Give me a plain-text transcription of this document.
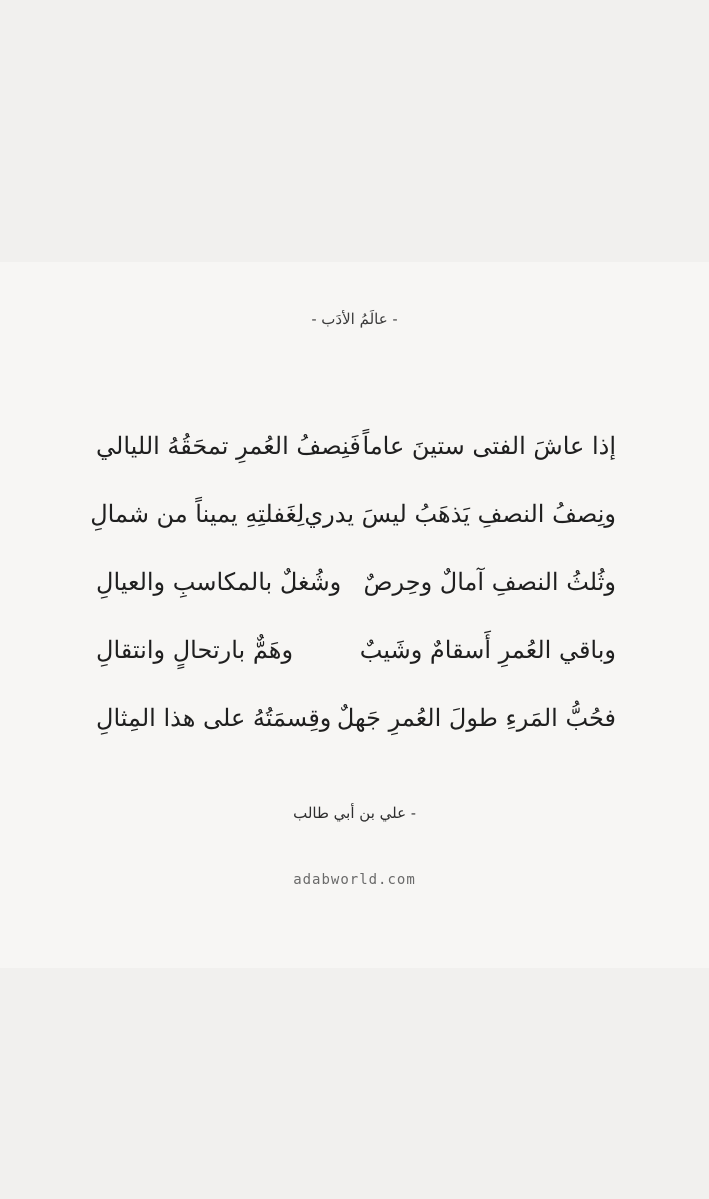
- عالَمُ الأدَب -
إذا عاشَ الفتى ستينَ عاماً
فَنِصفُ العُمرِ تمحَقُهُ الليالي
ونِصفُ النصفِ يَذهَبُ ليسَ يدري
لِغَفلتِهِ يميناً من شمالِ
وثُلثُ النصفِ آمالٌ وحِرصٌ
وشُغلٌ بالمكاسبِ والعيالِ
وباقي العُمرِ أَسقامٌ وشَيبٌ
وهَمٌّ بارتحالٍ وانتقالِ
فحُبُّ المَرءِ طولَ العُمرِ جَهلٌ
وقِسمَتُهُ على هذا المِثالِ
- علي بن أبي طالب
adabworld.com
